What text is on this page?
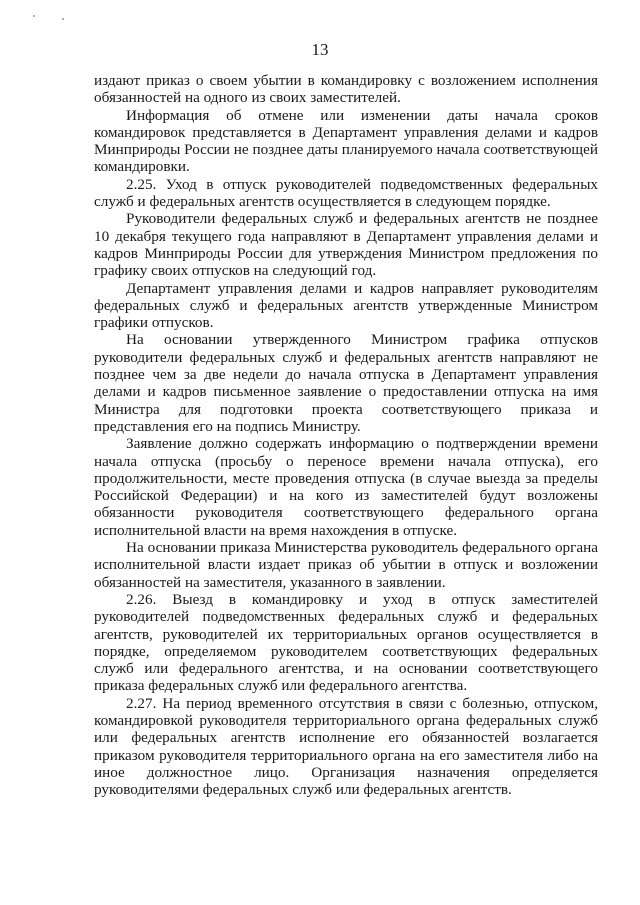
13

издают приказ о своем убытии в командировку с возложением исполнения обязанностей на одного из своих заместителей.

Информация об отмене или изменении даты начала сроков командировок представляется в Департамент управления делами и кадров Минприроды России не позднее даты планируемого начала соответствующей командировки.

2.25. Уход в отпуск руководителей подведомственных федеральных служб и федеральных агентств осуществляется в следующем порядке.

Руководители федеральных служб и федеральных агентств не позднее 10 декабря текущего года направляют в Департамент управления делами и кадров Минприроды России для утверждения Министром предложения по графику своих отпусков на следующий год.

Департамент управления делами и кадров направляет руководителям федеральных служб и федеральных агентств утвержденные Министром графики отпусков.

На основании утвержденного Министром графика отпусков руководители федеральных служб и федеральных агентств направляют не позднее чем за две недели до начала отпуска в Департамент управления делами и кадров письменное заявление о предоставлении отпуска на имя Министра для подготовки проекта соответствующего приказа и представления его на подпись Министру.

Заявление должно содержать информацию о подтверждении времени начала отпуска (просьбу о переносе времени начала отпуска), его продолжительности, месте проведения отпуска (в случае выезда за пределы Российской Федерации) и на кого из заместителей будут возложены обязанности руководителя соответствующего федерального органа исполнительной власти на время нахождения в отпуске.

На основании приказа Министерства руководитель федерального органа исполнительной власти издает приказ об убытии в отпуск и возложении обязанностей на заместителя, указанного в заявлении.

2.26. Выезд в командировку и уход в отпуск заместителей руководителей подведомственных федеральных служб и федеральных агентств, руководителей их территориальных органов осуществляется в порядке, определяемом руководителем соответствующих федеральных служб или федерального агентства, и на основании соответствующего приказа федеральных служб или федерального агентства.

2.27. На период временного отсутствия в связи с болезнью, отпуском, командировкой руководителя территориального органа федеральных служб или федеральных агентств исполнение его обязанностей возлагается приказом руководителя территориального органа на его заместителя либо на иное должностное лицо. Организация назначения определяется руководителями федеральных служб или федеральных агентств.
